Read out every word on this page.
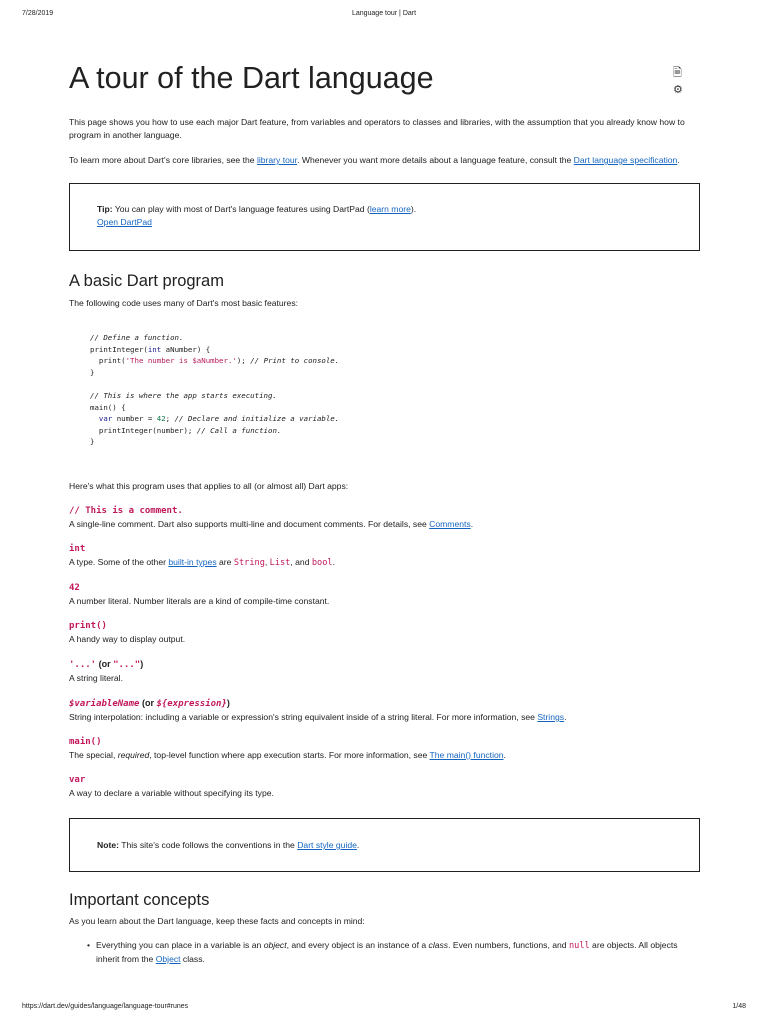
7/28/2019	Language tour | Dart
A tour of the Dart language	🗎 ⚙

This page shows you how to use each major Dart feature, from variables and operators to classes and libraries, with the assumption that you already know how to program in another language.

To learn more about Dart's core libraries, see the library tour. Whenever you want more details about a language feature, consult the Dart language specification.

Tip: You can play with most of Dart's language features using DartPad (learn more).
Open DartPad
A basic Dart program

The following code uses many of Dart's most basic features:

// Define a function.
printInteger(int aNumber) {
print('The number is $aNumber.'); // Print to console.
}

// This is where the app starts executing.
main() {
var number = 42; // Declare and initialize a variable.
printInteger(number); // Call a function.
}

Here's what this program uses that applies to all (or almost all) Dart apps:

// This is a comment.
A single-line comment. Dart also supports multi-line and document comments. For details, see Comments.
int
A type. Some of the other built-in types are String, List, and bool.
42
A number literal. Number literals are a kind of compile-time constant.
print()
A handy way to display output.
'...' (or "...")
A string literal.
$variableName (or ${expression})
String interpolation: including a variable or expression's string equivalent inside of a string literal. For more information, see Strings.
main()
The special, required, top-level function where app execution starts. For more information, see The main() function.
var
A way to declare a variable without specifying its type.
Note: This site's code follows the conventions in the Dart style guide.
Important concepts

As you learn about the Dart language, keep these facts and concepts in mind:

• Everything you can place in a variable is an object, and every object is an instance of a class. Even numbers, functions, and null are objects. All objects inherit from the Object class.
https://dart.dev/guides/language/language-tour#runes	1/48
